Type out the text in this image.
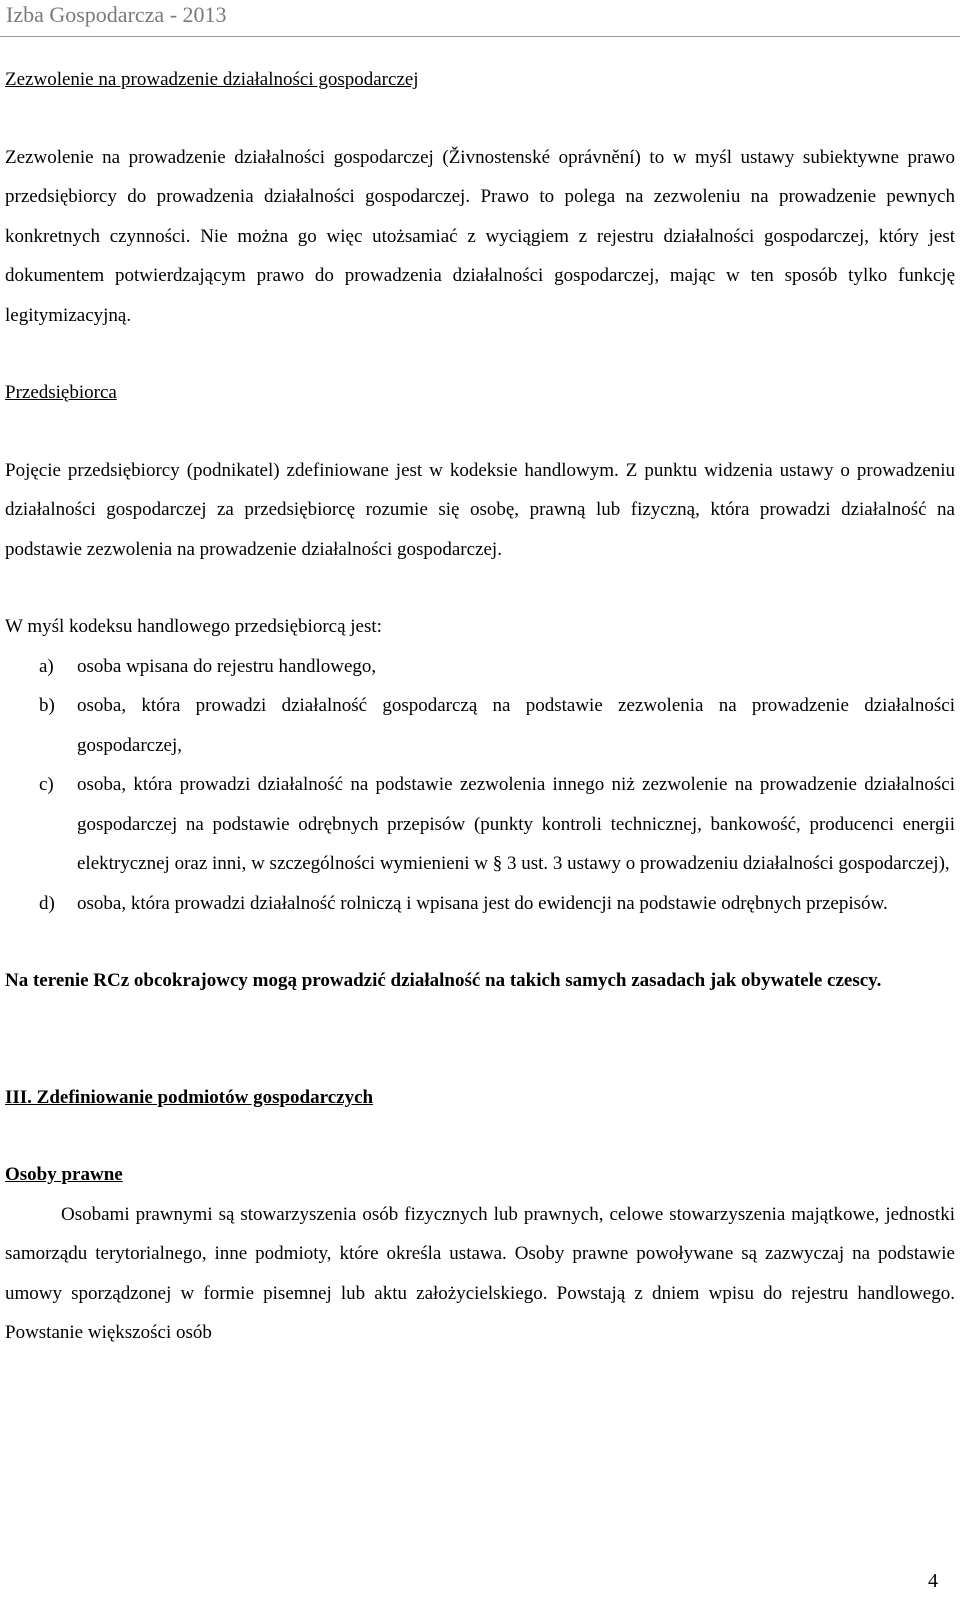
Izba Gospodarcza - 2013
Zezwolenie na prowadzenie działalności gospodarczej

Zezwolenie na prowadzenie działalności gospodarczej (Živnostenské oprávnění) to w myśl ustawy subiektywne prawo przedsiębiorcy do prowadzenia działalności gospodarczej. Prawo to polega na zezwoleniu na prowadzenie pewnych konkretnych czynności. Nie można go więc utożsamiać z wyciągiem z rejestru działalności gospodarczej, który jest dokumentem potwierdzającym prawo do prowadzenia działalności gospodarczej, mając w ten sposób tylko funkcję legitymizacyjną.

Przedsiębiorca

Pojęcie przedsiębiorcy (podnikatel) zdefiniowane jest w kodeksie handlowym. Z punktu widzenia ustawy o prowadzeniu działalności gospodarczej za przedsiębiorcę rozumie się osobę, prawną lub fizyczną, która prowadzi działalność na podstawie zezwolenia na prowadzenie działalności gospodarczej.

W myśl kodeksu handlowego przedsiębiorcą jest:

a) osoba wpisana do rejestru handlowego,
b) osoba, która prowadzi działalność gospodarczą na podstawie zezwolenia na prowadzenie działalności gospodarczej,
c) osoba, która prowadzi działalność na podstawie zezwolenia innego niż zezwolenie na prowadzenie działalności gospodarczej na podstawie odrębnych przepisów (punkty kontroli technicznej, bankowość, producenci energii elektrycznej oraz inni, w szczególności wymienieni w § 3 ust. 3 ustawy o prowadzeniu działalności gospodarczej),
d) osoba, która prowadzi działalność rolniczą i wpisana jest do ewidencji na podstawie odrębnych przepisów.

Na terenie RCz obcokrajowcy mogą prowadzić działalność na takich samych zasadach jak obywatele czescy.

III. Zdefiniowanie podmiotów gospodarczych
Osoby prawne

Osobami prawnymi są stowarzyszenia osób fizycznych lub prawnych, celowe stowarzyszenia majątkowe, jednostki samorządu terytorialnego, inne podmioty, które określa ustawa. Osoby prawne powoływane są zazwyczaj na podstawie umowy sporządzonej w formie pisemnej lub aktu założycielskiego. Powstają z dniem wpisu do rejestru handlowego. Powstanie większości osób

4
